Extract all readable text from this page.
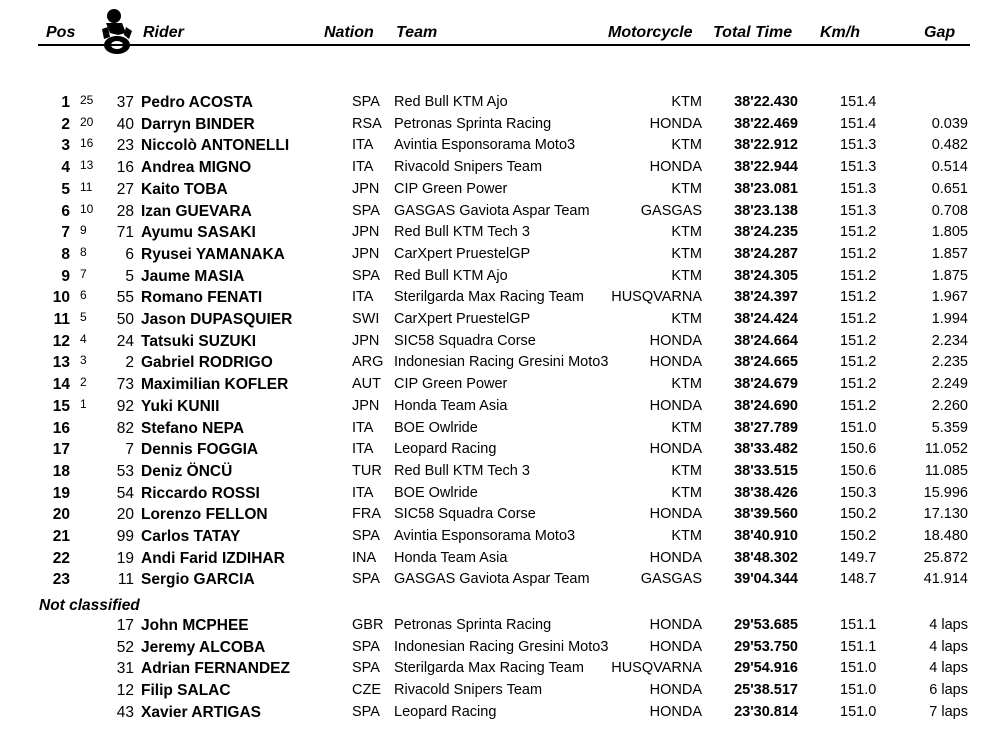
Pos	Rider	Nation Team	Motorcycle Total Time Km/h	Gap
1 25	37 Pedro ACOSTA	SPA Red Bull KTM Ajo	KTM	38'22.430	151.4
2 20	40 Darryn BINDER	RSA Petronas Sprinta Racing	HONDA	38'22.469	151.4	0.039
3 16	23 Niccolò ANTONELLI	ITA Avintia Esponsorama Moto3	KTM	38'22.912	151.3	0.482
4 13	16 Andrea MIGNO	ITA Rivacold Snipers Team	HONDA	38'22.944	151.3	0.514
5 11	27 Kaito TOBA	JPN CIP Green Power	KTM	38'23.081	151.3	0.651
6 10	28 Izan GUEVARA	SPA GASGAS Gaviota Aspar Team	GASGAS	38'23.138	151.3	0.708
7 9	71 Ayumu SASAKI	JPN Red Bull KTM Tech 3	KTM	38'24.235	151.2	1.805
8 8	6 Ryusei YAMANAKA	JPN CarXpert PruestelGP	KTM	38'24.287	151.2	1.857
9 7	5 Jaume MASIA	SPA Red Bull KTM Ajo	KTM	38'24.305	151.2	1.875
10 6	55 Romano FENATI	ITA Sterilgarda Max Racing Team	HUSQVARNA	38'24.397	151.2	1.967
11 5	50 Jason DUPASQUIER	SWI CarXpert PruestelGP	KTM	38'24.424	151.2	1.994
12 4	24 Tatsuki SUZUKI	JPN SIC58 Squadra Corse	HONDA	38'24.664	151.2	2.234
13 3	2 Gabriel RODRIGO	ARG Indonesian Racing Gresini Moto3	HONDA	38'24.665	151.2	2.235
14 2	73 Maximilian KOFLER	AUT CIP Green Power	KTM	38'24.679	151.2	2.249
15 1	92 Yuki KUNII	JPN Honda Team Asia	HONDA	38'24.690	151.2	2.260
16	82 Stefano NEPA	ITA BOE Owlride	KTM	38'27.789	151.0	5.359
17	7 Dennis FOGGIA	ITA Leopard Racing	HONDA	38'33.482	150.6	11.052
18	53 Deniz ÖNCÜ	TUR Red Bull KTM Tech 3	KTM	38'33.515	150.6	11.085
19	54 Riccardo ROSSI	ITA BOE Owlride	KTM	38'38.426	150.3	15.996
20	20 Lorenzo FELLON	FRA SIC58 Squadra Corse	HONDA	38'39.560	150.2	17.130
21	99 Carlos TATAY	SPA Avintia Esponsorama Moto3	KTM	38'40.910	150.2	18.480
22	19 Andi Farid IZDIHAR	INA Honda Team Asia	HONDA	38'48.302	149.7	25.872
23	11 Sergio GARCIA	SPA GASGAS Gaviota Aspar Team	GASGAS	39'04.344	148.7	41.914
Not classified
17 John MCPHEE	GBR Petronas Sprinta Racing	HONDA	29'53.685	151.1	4 laps
52 Jeremy ALCOBA	SPA Indonesian Racing Gresini Moto3	HONDA	29'53.750	151.1	4 laps
31 Adrian FERNANDEZ	SPA Sterilgarda Max Racing Team	HUSQVARNA	29'54.916	151.0	4 laps
12 Filip SALAC	CZE Rivacold Snipers Team	HONDA	25'38.517	151.0	6 laps
43 Xavier ARTIGAS	SPA Leopard Racing	HONDA	23'30.814	151.0	7 laps
